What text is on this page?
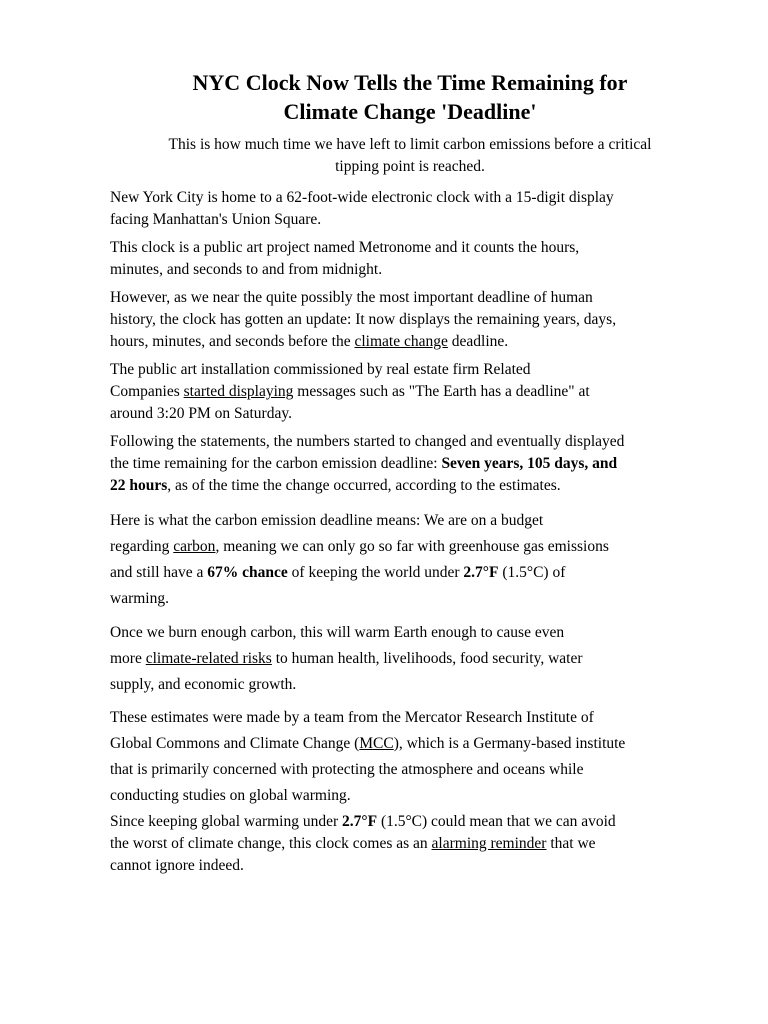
NYC Clock Now Tells the Time Remaining for
Climate Change 'Deadline'

This is how much time we have left to limit carbon emissions before a critical
tipping point is reached.

New York City is home to a 62-foot-wide electronic clock with a 15-digit display
facing Manhattan's Union Square.

This clock is a public art project named Metronome and it counts the hours,
minutes, and seconds to and from midnight.

However, as we near the quite possibly the most important deadline of human
history, the clock has gotten an update: It now displays the remaining years, days,
hours, minutes, and seconds before the climate change deadline.

The public art installation commissioned by real estate firm Related
Companies started displaying messages such as "The Earth has a deadline" at
around 3:20 PM on Saturday.

Following the statements, the numbers started to changed and eventually displayed
the time remaining for the carbon emission deadline: Seven years, 105 days, and
22 hours, as of the time the change occurred, according to the estimates.

Here is what the carbon emission deadline means: We are on a budget
regarding carbon, meaning we can only go so far with greenhouse gas emissions
and still have a 67% chance of keeping the world under 2.7°F (1.5°C) of
warming.

Once we burn enough carbon, this will warm Earth enough to cause even
more climate-related risks to human health, livelihoods, food security, water
supply, and economic growth.

These estimates were made by a team from the Mercator Research Institute of
Global Commons and Climate Change (MCC), which is a Germany-based institute
that is primarily concerned with protecting the atmosphere and oceans while
conducting studies on global warming.

Since keeping global warming under 2.7°F (1.5°C) could mean that we can avoid
the worst of climate change, this clock comes as an alarming reminder that we
cannot ignore indeed.
